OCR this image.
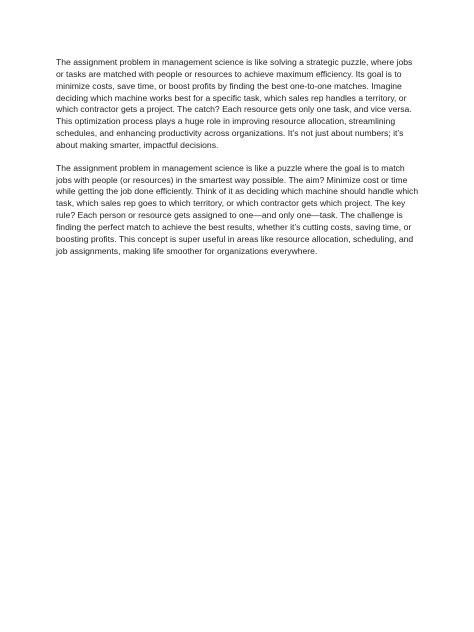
The assignment problem in management science is like solving a strategic puzzle, where jobs or tasks are matched with people or resources to achieve maximum efficiency. Its goal is to minimize costs, save time, or boost profits by finding the best one-to-one matches. Imagine deciding which machine works best for a specific task, which sales rep handles a territory, or which contractor gets a project. The catch? Each resource gets only one task, and vice versa. This optimization process plays a huge role in improving resource allocation, streamlining schedules, and enhancing productivity across organizations. It’s not just about numbers; it’s about making smarter, impactful decisions.

The assignment problem in management science is like a puzzle where the goal is to match jobs with people (or resources) in the smartest way possible. The aim? Minimize cost or time while getting the job done efficiently. Think of it as deciding which machine should handle which task, which sales rep goes to which territory, or which contractor gets which project. The key rule? Each person or resource gets assigned to one—and only one—task. The challenge is finding the perfect match to achieve the best results, whether it’s cutting costs, saving time, or boosting profits. This concept is super useful in areas like resource allocation, scheduling, and job assignments, making life smoother for organizations everywhere.
